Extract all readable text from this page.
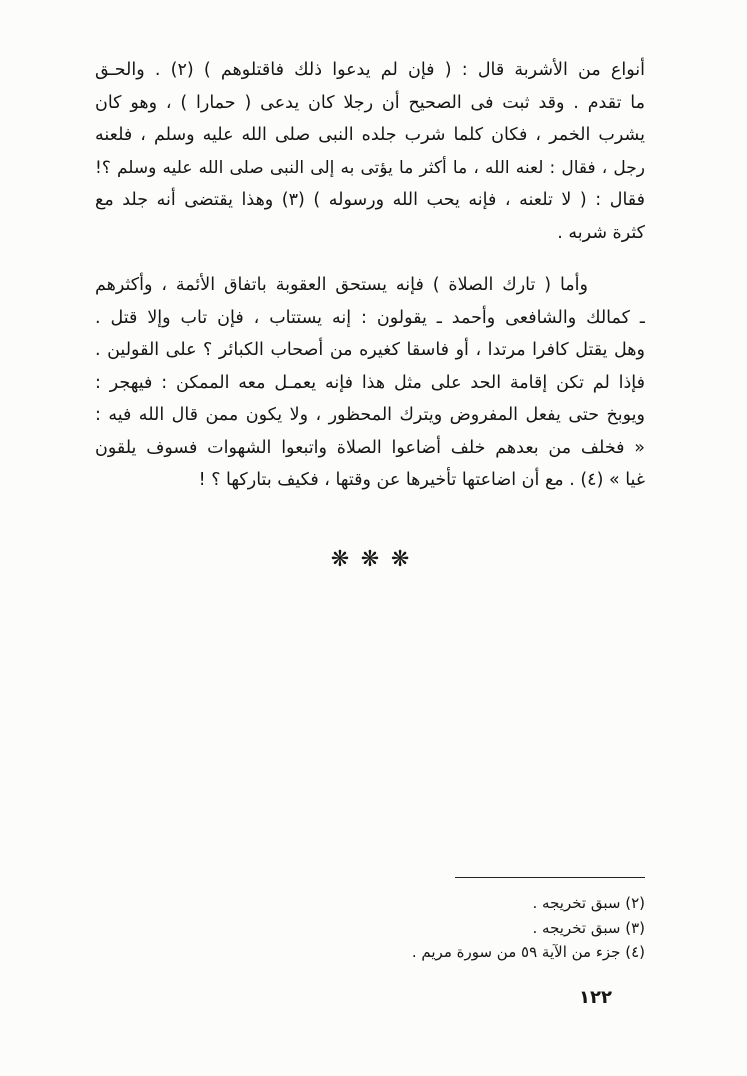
أنواع من الأشربة قال : ( فإن لم يدعوا ذلك فاقتلوهم ) (٢) . والحـق
ما تقدم . وقد ثبت فى الصحيح أن رجلا كان يدعى ( حمارا ) ، وهو كان
يشرب الخمر ، فكان كلما شرب جلده النبى صلى الله عليه وسلم ، فلعنه
رجل ، فقال : لعنه الله ، ما أكثر ما يؤتى به إلى النبى صلى الله عليه وسلم ؟!
فقال : ( لا تلعنه ، فإنه يحب الله ورسوله ) (٣) وهذا يقتضى أنه جلد مع
كثرة شربه .
وأما ( تارك الصلاة ) فإنه يستحق العقوبة باتفاق الأئمة ، وأكثرهم
ـ كمالك والشافعى وأحمد ـ يقولون : إنه يستتاب ، فإن تاب وإلا قتل .
وهل يقتل كافرا مرتدا ، أو فاسقا كغيره من أصحاب الكبائر ؟ على القولين .
فإذا لم تكن إقامة الحد على مثل هذا فإنه يعمـل معه الممكن : فيهجر :
ويوبخ حتى يفعل المفروض ويترك المحظور ، ولا يكون ممن قال الله فيه :
« فخلف من بعدهم خلف أضاعوا الصلاة واتبعوا الشهوات فسوف يلقون
غيا » (٤) . مع أن اضاعتها تأخيرها عن وقتها ، فكيف بتاركها ؟ !
❋ ❋ ❋
(٢) سبق تخريجه .
(٣) سبق تخريجه .
(٤) جزء من الآية ٥٩ من سورة مريم .
١٢٢
